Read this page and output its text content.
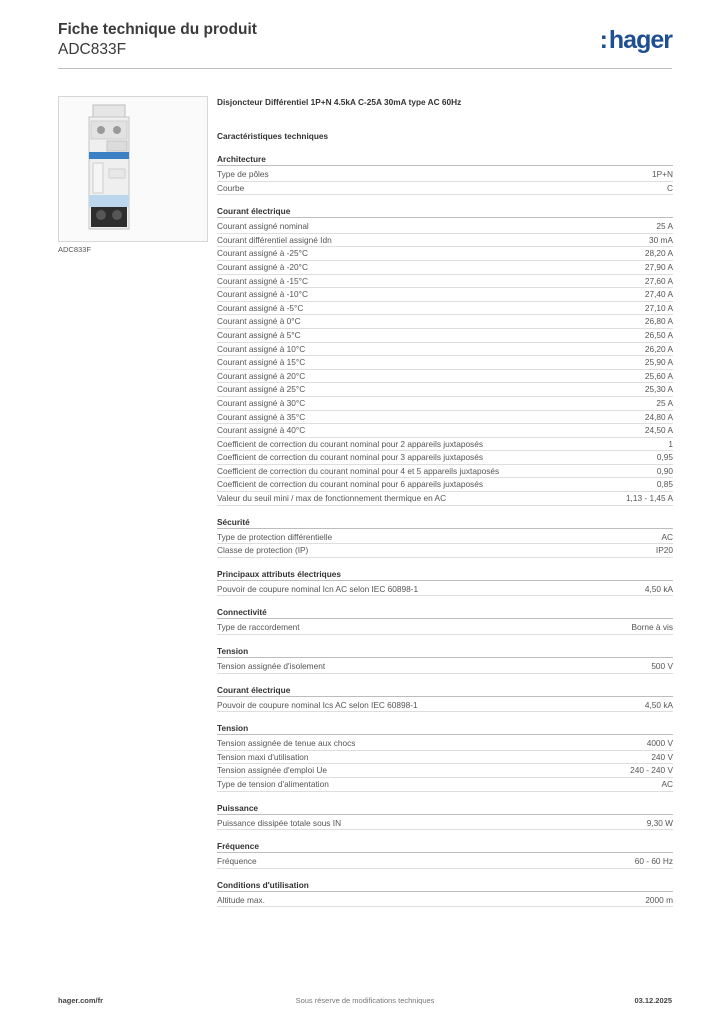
Fiche technique du produit
ADC833F	:hager
ADC833F
Disjoncteur Différentiel 1P+N 4.5kA C-25A 30mA type AC 60Hz
Caractéristiques techniques
Architecture
Type de pôles	1P+N
Courbe	C
Courant électrique
Courant assigné nominal	25 A
Courant différentiel assigné Idn	30 mA
Courant assigné à -25°C	28,20 A
Courant assigné à -20°C	27,90 A
Courant assigné à -15°C	27,60 A
Courant assigné à -10°C	27,40 A
Courant assigné à -5°C	27,10 A
Courant assigné à 0°C	26,80 A
Courant assigné à 5°C	26,50 A
Courant assigné à 10°C	26,20 A
Courant assigné à 15°C	25,90 A
Courant assigné à 20°C	25,60 A
Courant assigné à 25°C	25,30 A
Courant assigné à 30°C	25 A
Courant assigné à 35°C	24,80 A
Courant assigné à 40°C	24,50 A
Coefficient de correction du courant nominal pour 2 appareils juxtaposés	1
Coefficient de correction du courant nominal pour 3 appareils juxtaposés	0,95
Coefficient de correction du courant nominal pour 4 et 5 appareils juxtaposés	0,90
Coefficient de correction du courant nominal pour 6 appareils juxtaposés	0,85
Valeur du seuil mini / max de fonctionnement thermique en AC	1,13 - 1,45 A
Sécurité
Type de protection différentielle	AC
Classe de protection (IP)	IP20
Principaux attributs électriques
Pouvoir de coupure nominal Icn AC selon IEC 60898-1	4,50 kA
Connectivité
Type de raccordement	Borne à vis
Tension
Tension assignée d'isolement	500 V
Courant électrique
Pouvoir de coupure nominal Ics AC selon IEC 60898-1	4,50 kA
Tension
Tension assignée de tenue aux chocs	4000 V
Tension maxi d'utilisation	240 V
Tension assignée d'emploi Ue	240 - 240 V
Type de tension d'alimentation	AC
Puissance
Puissance dissipée totale sous IN	9,30 W
Fréquence
Fréquence	60 - 60 Hz
Conditions d'utilisation
Altitude max.	2000 m
hager.com/fr	Sous réserve de modifications techniques	03.12.2025
